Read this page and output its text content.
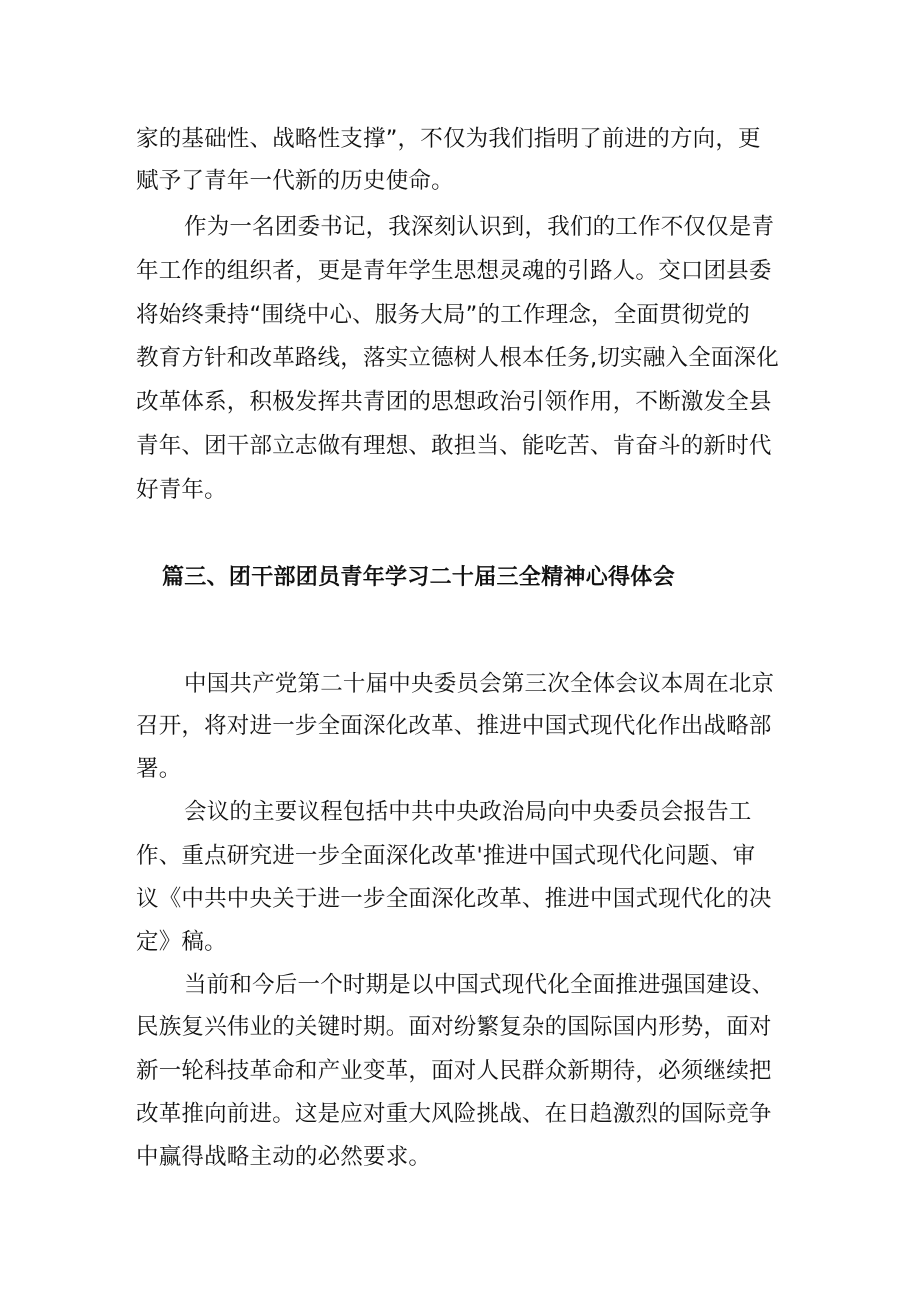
家的基础性、战略性支撑”，不仅为我们指明了前进的方向，更
赋予了青年一代新的历史使命。
作为一名团委书记，我深刻认识到，我们的工作不仅仅是青
年工作的组织者，更是青年学生思想灵魂的引路人。交口团县委
将始终秉持“围绕中心、服务大局”的工作理念，全面贯彻党的
教育方针和改革路线，落实立德树人根本任务,切实融入全面深化
改革体系，积极发挥共青团的思想政治引领作用，不断激发全县
青年、团干部立志做有理想、敢担当、能吃苦、肯奋斗的新时代
好青年。
篇三、团干部团员青年学习二十届三全精神心得体会
中国共产党第二十届中央委员会第三次全体会议本周在北京
召开，将对进一步全面深化改革、推进中国式现代化作出战略部
署。
会议的主要议程包括中共中央政治局向中央委员会报告工
作、重点研究进一步全面深化改革'推进中国式现代化问题、审
议《中共中央关于进一步全面深化改革、推进中国式现代化的决
定》稿。
当前和今后一个时期是以中国式现代化全面推进强国建设、
民族复兴伟业的关键时期。面对纷繁复杂的国际国内形势，面对
新一轮科技革命和产业变革，面对人民群众新期待，必须继续把
改革推向前进。这是应对重大风险挑战、在日趋激烈的国际竞争
中赢得战略主动的必然要求。
